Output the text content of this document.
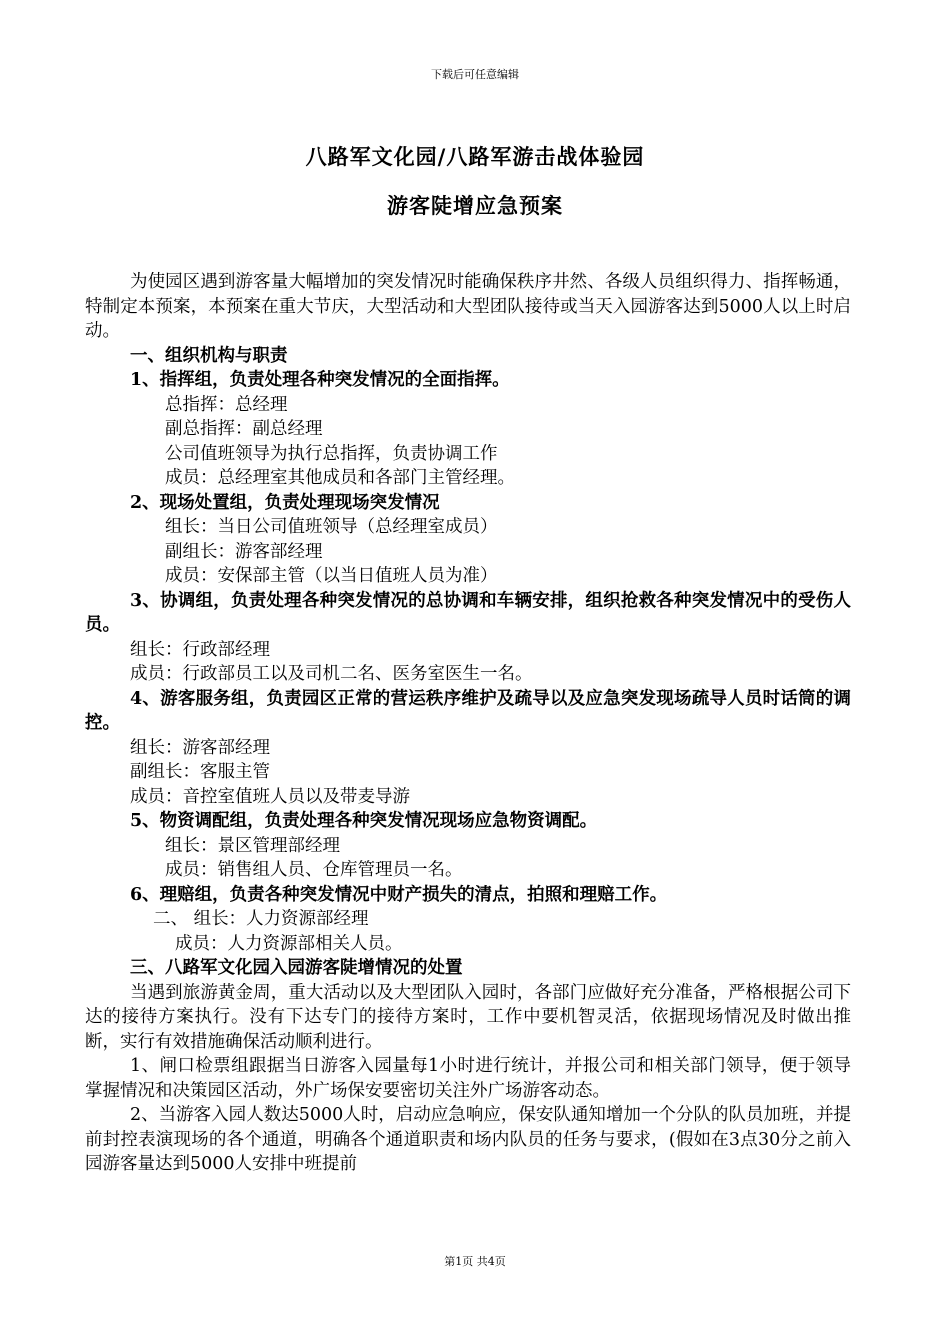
下载后可任意编辑
八路军文化园/八路军游击战体验园
游客陡增应急预案
为使园区遇到游客量大幅增加的突发情况时能确保秩序井然、各级人员组织得力、指挥畅通，特制定本预案，本预案在重大节庆，大型活动和大型团队接待或当天入园游客达到5000人以上时启动。
一、组织机构与职责
1、指挥组，负责处理各种突发情况的全面指挥。
总指挥：总经理
副总指挥：副总经理
公司值班领导为执行总指挥，负责协调工作
成员：总经理室其他成员和各部门主管经理。
2、现场处置组，负责处理现场突发情况
组长：当日公司值班领导（总经理室成员）
副组长：游客部经理
成员：安保部主管（以当日值班人员为准）
3、协调组，负责处理各种突发情况的总协调和车辆安排，组织抢救各种突发情况中的受伤人员。
组长：行政部经理
成员：行政部员工以及司机二名、医务室医生一名。
4、游客服务组，负责园区正常的营运秩序维护及疏导以及应急突发现场疏导人员时话筒的调控。
组长：游客部经理
副组长：客服主管
成员：音控室值班人员以及带麦导游
5、物资调配组，负责处理各种突发情况现场应急物资调配。
组长：景区管理部经理
成员：销售组人员、仓库管理员一名。
6、理赔组，负责各种突发情况中财产损失的清点，拍照和理赔工作。
二、 组长：人力资源部经理
成员：人力资源部相关人员。
三、八路军文化园入园游客陡增情况的处置
当遇到旅游黄金周，重大活动以及大型团队入园时，各部门应做好充分准备，严格根据公司下达的接待方案执行。没有下达专门的接待方案时，工作中要机智灵活，依据现场情况及时做出推断，实行有效措施确保活动顺利进行。
1、闸口检票组跟据当日游客入园量每1小时进行统计，并报公司和相关部门领导，便于领导掌握情况和决策园区活动，外广场保安要密切关注外广场游客动态。
2、当游客入园人数达5000人时，启动应急响应，保安队通知增加一个分队的队员加班，并提前封控表演现场的各个通道，明确各个通道职责和场内队员的任务与要求，(假如在3点30分之前入园游客量达到5000人安排中班提前
第1页 共4页
